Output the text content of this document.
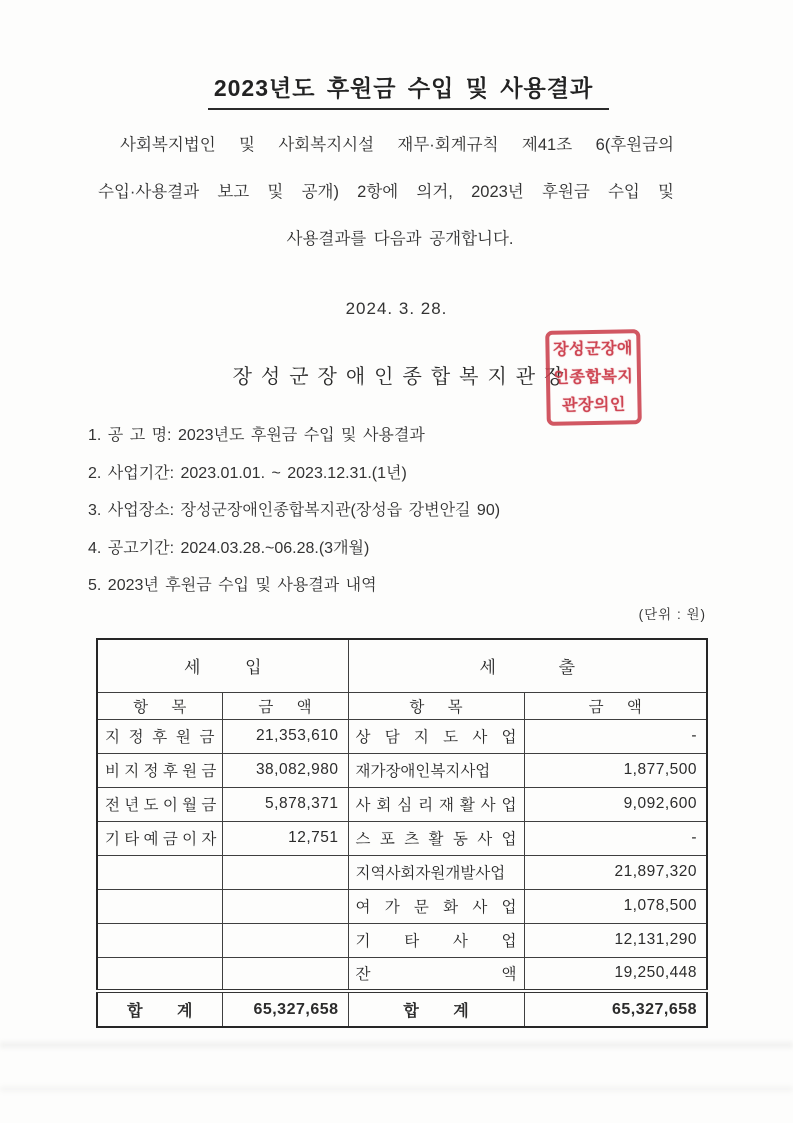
2023년도 후원금 수입 및 사용결과
사회복지법인 및 사회복지시설 재무·회계규칙 제41조 6(후원금의
수입·사용결과 보고 및 공개) 2항에 의거, 2023년 후원금 수입 및
사용결과를 다음과 공개합니다.
2024. 3. 28.
장성군장애인종합복지관장
장성군장애
인종합복지
관장의인
1. 공 고 명: 2023년도 후원금 수입 및 사용결과
2. 사업기간: 2023.01.01. ~ 2023.12.31.(1년)
3. 사업장소: 장성군장애인종합복지관(장성읍 강변안길 90)
4. 공고기간: 2024.03.28.~06.28.(3개월)
5. 2023년 후원금 수입 및 사용결과 내역
(단위 : 원)
세 입		세 출	
항 목	금 액	항 목	금 액
지 정 후 원 금	21,353,610	상 담 지 도 사 업	-
비 지 정 후 원 금	38,082,980	재가장애인복지사업	1,877,500
전 년 도 이 월 금	5,878,371	사 회 심 리 재 활 사 업	9,092,600
기 타 예 금 이 자	12,751	스 포 츠 활 동 사 업	-
		지역사회자원개발사업	21,897,320
		여 가 문 화 사 업	1,078,500
		기 타 사 업	12,131,290
		잔 액	19,250,448
합 계	65,327,658	합 계	65,327,658
